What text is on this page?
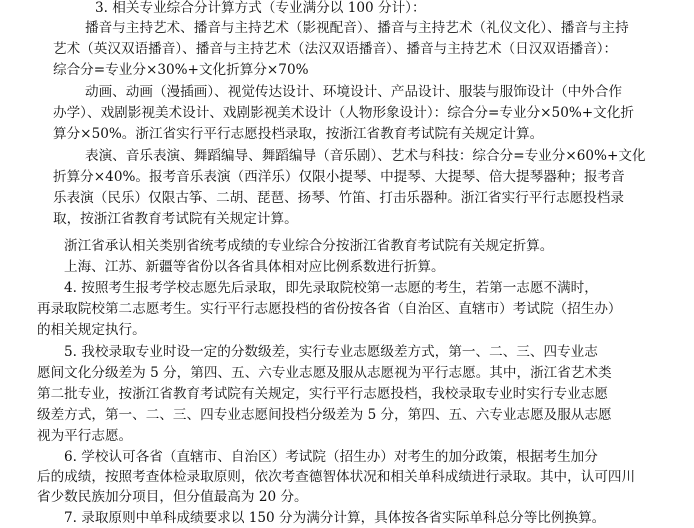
3. 相关专业综合分计算方式（专业满分以 100 分计）：
播音与主持艺术、播音与主持艺术（影视配音）、播音与主持艺术（礼仪文化）、播音与主持
艺术（英汉双语播音）、播音与主持艺术（法汉双语播音）、播音与主持艺术（日汉双语播音）：
综合分=专业分×30%+文化折算分×70%
动画、动画（漫插画）、视觉传达设计、环境设计、产品设计、服装与服饰设计（中外合作
办学）、戏剧影视美术设计、戏剧影视美术设计（人物形象设计）：综合分=专业分×50%+文化折
算分×50%。浙江省实行平行志愿投档录取，按浙江省教育考试院有关规定计算。
表演、音乐表演、舞蹈编导、舞蹈编导（音乐剧）、艺术与科技：综合分=专业分×60%+文化
折算分×40%。报考音乐表演（西洋乐）仅限小提琴、中提琴、大提琴、倍大提琴器种；报考音
乐表演（民乐）仅限古筝、二胡、琵琶、扬琴、竹笛、打击乐器种。浙江省实行平行志愿投档录
取，按浙江省教育考试院有关规定计算。
浙江省承认相关类别省统考成绩的专业综合分按浙江省教育考试院有关规定折算。
上海、江苏、新疆等省份以各省具体相对应比例系数进行折算。
4. 按照考生报考学校志愿先后录取，即先录取院校第一志愿的考生，若第一志愿不满时，
再录取院校第二志愿考生。实行平行志愿投档的省份按各省（自治区、直辖市）考试院（招生办）
的相关规定执行。
5. 我校录取专业时设一定的分数级差，实行专业志愿级差方式，第一、二、三、四专业志
愿间文化分级差为 5 分，第四、五、六专业志愿及服从志愿视为平行志愿。其中，浙江省艺术类
第二批专业，按浙江省教育考试院有关规定，实行平行志愿投档，我校录取专业时实行专业志愿
级差方式，第一、二、三、四专业志愿间投档分级差为 5 分，第四、五、六专业志愿及服从志愿
视为平行志愿。
6. 学校认可各省（直辖市、自治区）考试院（招生办）对考生的加分政策，根据考生加分
后的成绩，按照考查体检录取原则，依次考查德智体状况和相关单科成绩进行录取。其中，认可四川
省少数民族加分项目，但分值最高为 20 分。
7. 录取原则中单科成绩要求以 150 分为满分计算，具体按各省实际单科总分等比例换算。
